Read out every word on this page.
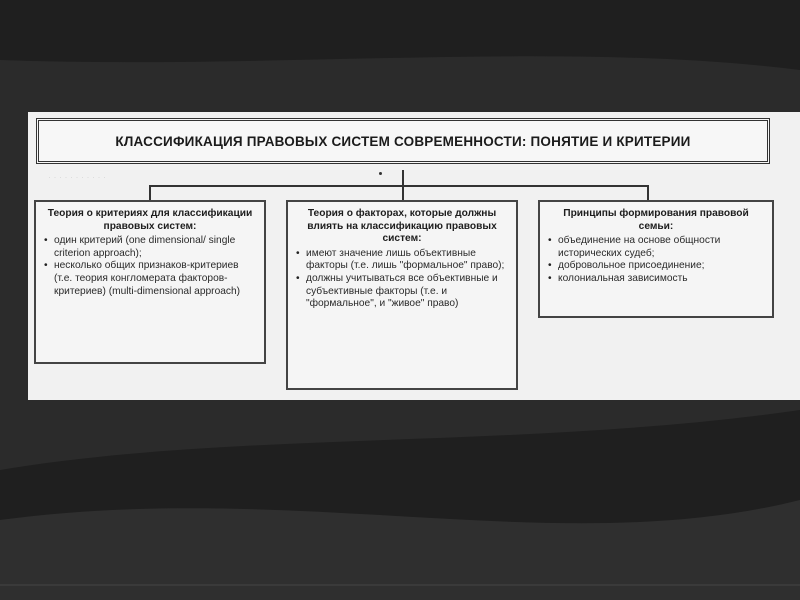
· · · · · · · · · · ·
КЛАССИФИКАЦИЯ ПРАВОВЫХ СИСТЕМ СОВРЕМЕННОСТИ: ПОНЯТИЕ И КРИТЕРИИ
Теория о критериях для классификации правовых систем:
• один критерий (one dimensional/ single criterion approach);
• несколько общих признаков-критериев (т.е. теория конгломерата факторов-критериев) (multi-dimensional approach)
Теория о факторах, которые должны влиять на классификацию правовых систем:
• имеют значение лишь объективные факторы (т.е. лишь "формальное" право);
• должны учитываться все объективные и субъективные факторы (т.е. и "формальное", и "живое" право)
Принципы формирования правовой семьи:
• объединение на основе общности исторических судеб;
• добровольное присоединение;
• колониальная зависимость
